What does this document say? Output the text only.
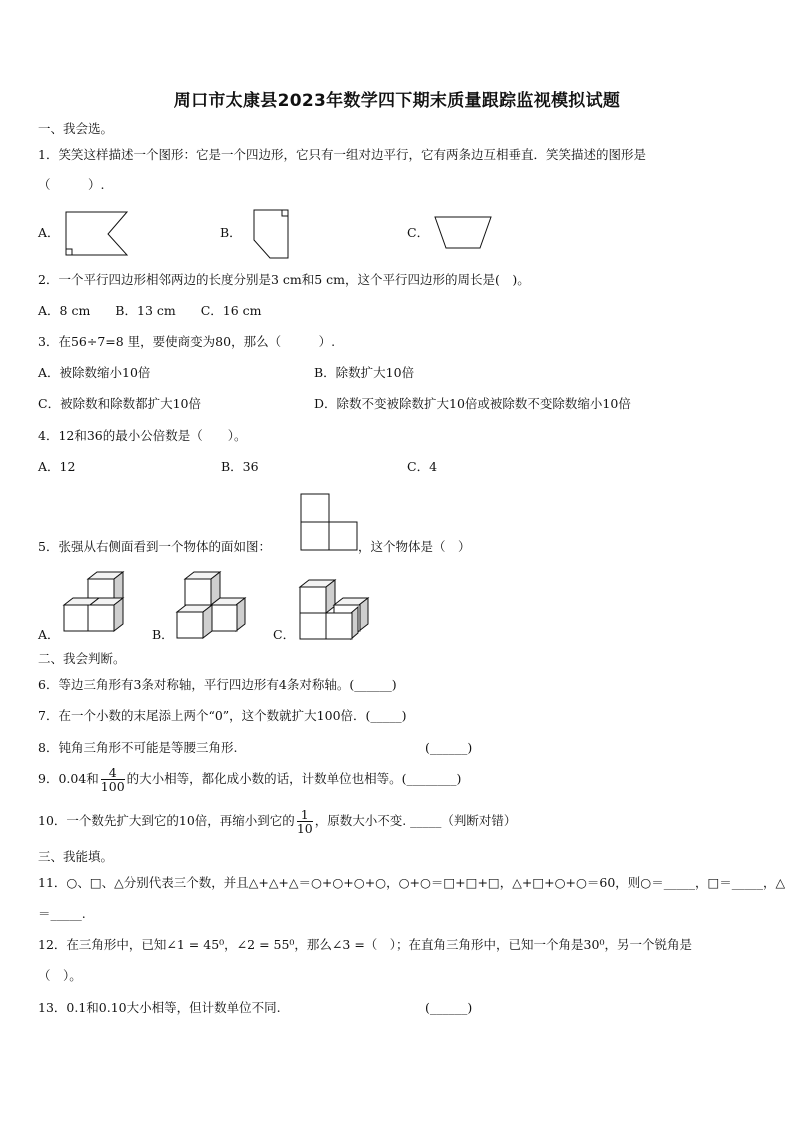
周口市太康县2023年数学四下期末质量跟踪监视模拟试题
一、我会选。
1．笑笑这样描述一个图形：它是一个四边形，它只有一组对边平行，它有两条边互相垂直．笑笑描述的图形是
（　　　）.
A．	B．	C．
2．一个平行四边形相邻两边的长度分别是3 cm和5 cm，这个平行四边形的周长是(　)。
A．8 cm　　B．13 cm　　C．16 cm
3．在56÷7=8 里，要使商变为80，那么（　　　）.
A．被除数缩小10倍	B．除数扩大10倍
C．被除数和除数都扩大10倍	D．除数不变被除数扩大10倍或被除数不变除数缩小10倍
4．12和36的最小公倍数是（　　）。
A．12	B．36	C．4
5．张强从右侧面看到一个物体的面如图：	，这个物体是（　）
A．	B．	C．
二、我会判断。
6．等边三角形有3条对称轴，平行四边形有4条对称轴。(______)
7．在一个小数的末尾添上两个“0”，这个数就扩大100倍．(_____)
8．钝角三角形不可能是等腰三角形.	(______)
9．0.04和 $\frac{4}{100}$ 的大小相等，都化成小数的话，计数单位也相等。(________)
10．一个数先扩大到它的10倍，再缩小到它的 $\frac{1}{10}$ ，原数大小不变. _____（判断对错）
三、我能填。
11．○、□、△分别代表三个数，并且△+△+△＝○+○+○+○，○+○＝□+□+□，△+□+○+○＝60，则○＝_____，□＝_____，△
＝_____.
12．在三角形中，已知∠1 = 45⁰，∠2 = 55⁰，那么∠3 =（　）；在直角三角形中，已知一个角是30⁰，另一个锐角是
（　）。
13．0.1和0.10大小相等，但计数单位不同.	(______)
